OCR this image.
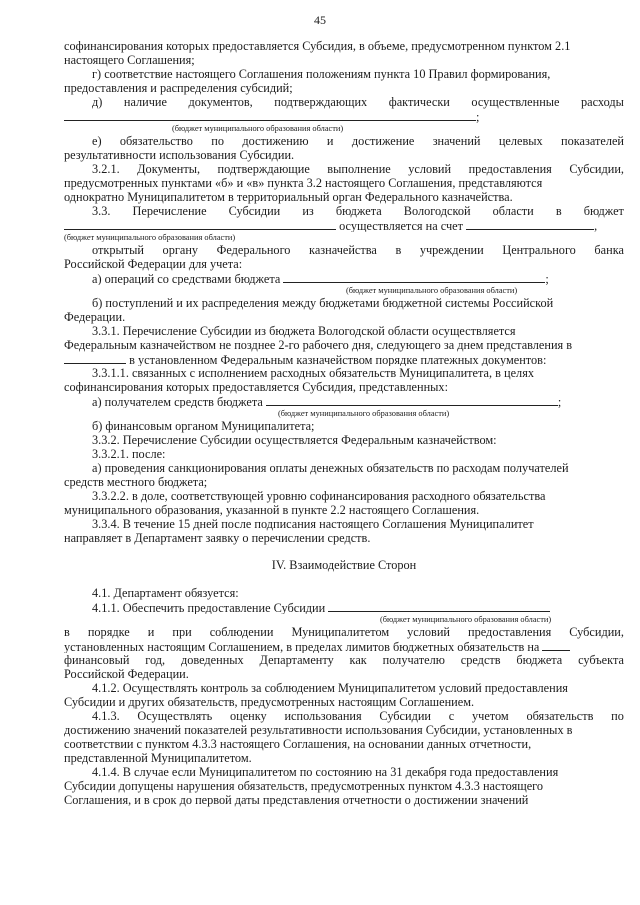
45
софинансирования которых предоставляется Субсидия, в объеме, предусмотренном пунктом 2.1
настоящего Соглашения;
г) соответствие настоящего Соглашения положениям пункта 10 Правил формирования,
предоставления и распределения субсидий;
д) наличие документов, подтверждающих фактически осуществленные расходы
;
(бюджет муниципального образования области)
е) обязательство по достижению и достижение значений целевых показателей
результативности использования Субсидии.
3.2.1. Документы, подтверждающие выполнение условий предоставления Субсидии,
предусмотренных пунктами «б» и «в» пункта 3.2 настоящего Соглашения, представляются
однократно Муниципалитетом в территориальный орган Федерального казначейства.
3.3. Перечисление Субсидии из бюджета Вологодской области в бюджет
осуществляется на счет	,
(бюджет муниципального образования области)
открытый органу Федерального казначейства в учреждении Центрального банка
Российской Федерации для учета:
а) операций со средствами бюджета	;
(бюджет муниципального образования области)
б) поступлений и их распределения между бюджетами бюджетной системы Российской
Федерации.
3.3.1. Перечисление Субсидии из бюджета Вологодской области осуществляется
Федеральным казначейством не позднее 2-го рабочего дня, следующего за днем представления в
в установленном Федеральным казначейством порядке платежных документов:
3.3.1.1. связанных с исполнением расходных обязательств Муниципалитета, в целях
софинансирования которых предоставляется Субсидия, представленных:
а) получателем средств бюджета	;
(бюджет муниципального образования области)
б) финансовым органом Муниципалитета;
3.3.2. Перечисление Субсидии осуществляется Федеральным казначейством:
3.3.2.1. после:
а) проведения санкционирования оплаты денежных обязательств по расходам получателей
средств местного бюджета;
3.3.2.2. в доле, соответствующей уровню софинансирования расходного обязательства
муниципального образования, указанной в пункте 2.2 настоящего Соглашения.
3.3.4. В течение 15 дней после подписания настоящего Соглашения Муниципалитет
направляет в Департамент заявку о перечислении средств.
IV. Взаимодействие Сторон
4.1. Департамент обязуется:
4.1.1. Обеспечить предоставление Субсидии
(бюджет муниципального образования области)
в порядке и при соблюдении Муниципалитетом условий предоставления Субсидии,
установленных настоящим Соглашением, в пределах лимитов бюджетных обязательств на
финансовый год, доведенных Департаменту как получателю средств бюджета субъекта
Российской Федерации.
4.1.2. Осуществлять контроль за соблюдением Муниципалитетом условий предоставления
Субсидии и других обязательств, предусмотренных настоящим Соглашением.
4.1.3. Осуществлять оценку использования Субсидии с учетом обязательств по
достижению значений показателей результативности использования Субсидии, установленных в
соответствии с пунктом 4.3.3 настоящего Соглашения, на основании данных отчетности,
представленной Муниципалитетом.
4.1.4. В случае если Муниципалитетом по состоянию на 31 декабря года предоставления
Субсидии допущены нарушения обязательств, предусмотренных пунктом 4.3.3 настоящего
Соглашения, и в срок до первой даты представления отчетности о достижении значений
